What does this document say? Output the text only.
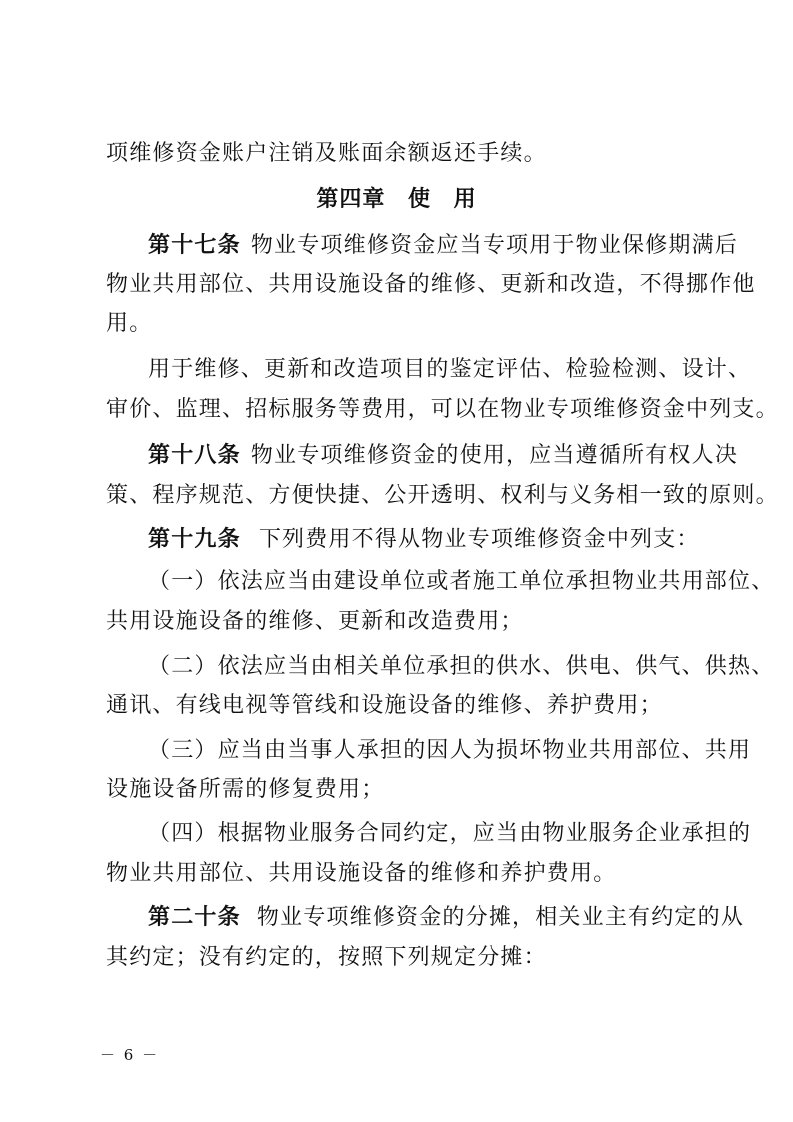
项维修资金账户注销及账面余额返还手续。
第四章 使 用
第十七条 物业专项维修资金应当专项用于物业保修期满后
物业共用部位、共用设施设备的维修、更新和改造，不得挪作他
用。
用于维修、更新和改造项目的鉴定评估、检验检测、设计、
审价、监理、招标服务等费用，可以在物业专项维修资金中列支。
第十八条 物业专项维修资金的使用，应当遵循所有权人决
策、程序规范、方便快捷、公开透明、权利与义务相一致的原则。
第十九条 下列费用不得从物业专项维修资金中列支：
（一）依法应当由建设单位或者施工单位承担物业共用部位、
共用设施设备的维修、更新和改造费用；
（二）依法应当由相关单位承担的供水、供电、供气、供热、
通讯、有线电视等管线和设施设备的维修、养护费用；
（三）应当由当事人承担的因人为损坏物业共用部位、共用
设施设备所需的修复费用；
（四）根据物业服务合同约定，应当由物业服务企业承担的
物业共用部位、共用设施设备的维修和养护费用。
第二十条 物业专项维修资金的分摊，相关业主有约定的从
其约定；没有约定的，按照下列规定分摊：
－ 6 －
